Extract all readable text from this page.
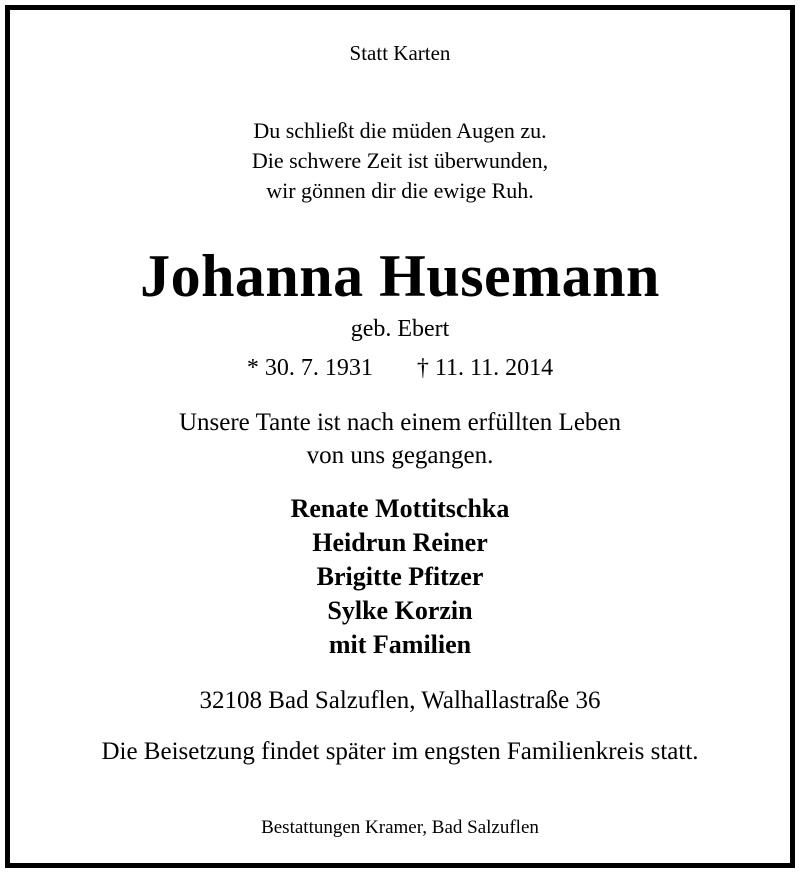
Statt Karten
Du schließt die müden Augen zu.
Die schwere Zeit ist überwunden,
wir gönnen dir die ewige Ruh.
Johanna Husemann
geb. Ebert
* 30. 7. 1931 † 11. 11. 2014
Unsere Tante ist nach einem erfüllten Leben
von uns gegangen.
Renate Mottitschka
Heidrun Reiner
Brigitte Pfitzer
Sylke Korzin
mit Familien
32108 Bad Salzuflen, Walhallastraße 36
Die Beisetzung findet später im engsten Familienkreis statt.
Bestattungen Kramer, Bad Salzuflen
